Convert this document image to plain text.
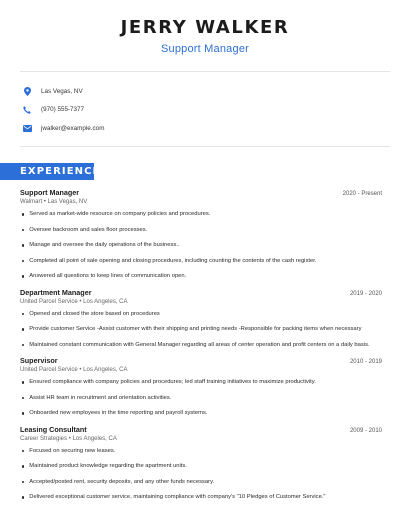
JERRY WALKER
Support Manager
Las Vegas, NV
(970) 555-7377
jwalker@example.com
EXPERIENCE
Support Manager	2020 - Present
Walmart • Las Vegas, NV
Served as market-wide resource on company policies and procedures.
Oversee backroom and sales floor processes.
Manage and oversee the daily operations of the business..
Completed all point of sale opening and closing procedures, including counting the contents of the cash register.
Answered all questions to keep lines of communication open.
Department Manager	2019 - 2020
United Parcel Service • Los Angeles, CA
Opened and closed the store based on procedures
Provide customer Service -Assist customer with their shipping and printing needs -Responsible for packing items when necessary
Maintained constant communication with General Manager regarding all areas of center operation and profit centers on a daily basis.
Supervisor	2010 - 2019
United Parcel Service • Los Angeles, CA
Ensured compliance with company policies and procedures; led staff training initiatives to maximize productivity.
Assist HR team in recruitment and orientation activities.
Onboarded new employees in the time reporting and payroll systems.
Leasing Consultant	2009 - 2010
Career Strategies • Los Angeles, CA
Focused on securing new leases.
Maintained product knowledge regarding the apartment units.
Accepted/posted rent, security deposits, and any other funds necessary.
Delivered exceptional customer service, maintaining compliance with company's "10 Pledges of Customer Service."
